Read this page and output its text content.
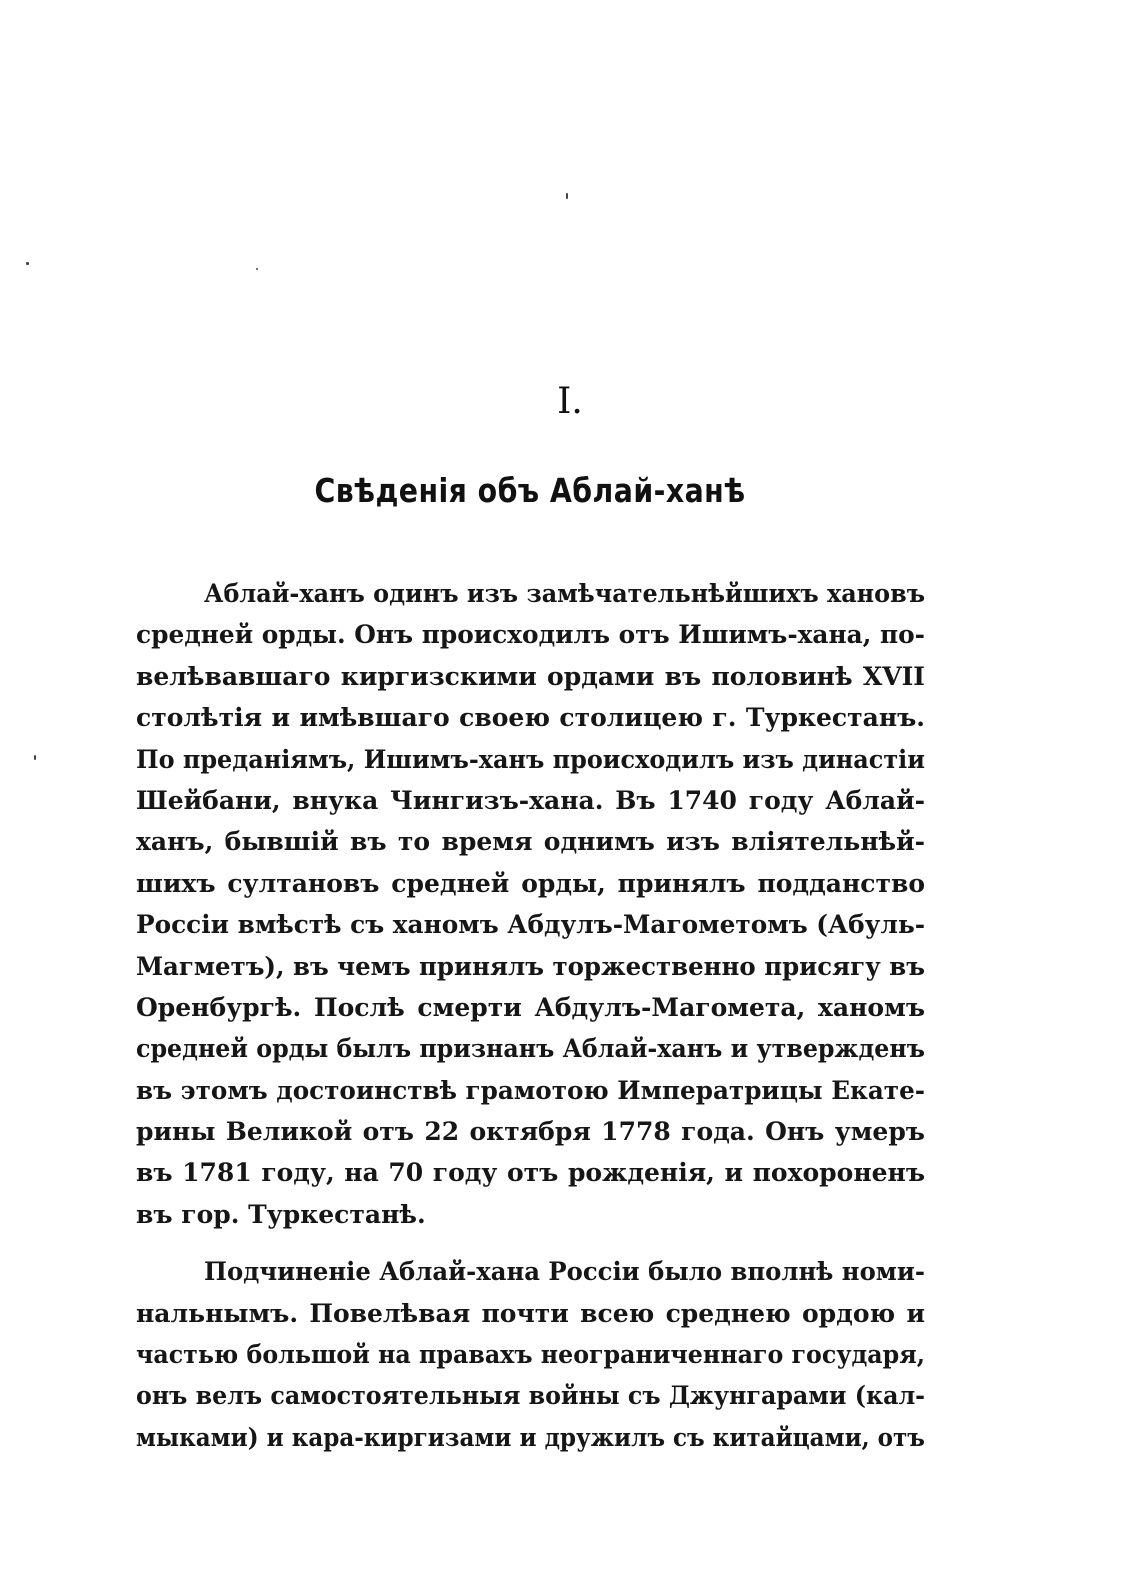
I.
Свѣденія объ Аблай-ханѣ

Аблай-ханъ одинъ изъ замѣчательнѣйшихъ хановъ
средней орды. Онъ происходилъ отъ Ишимъ-хана, по-
велѣвавшаго киргизскими ордами въ половинѣ XVII
столѣтія и имѣвшаго своею столицею г. Туркестанъ.
По преданіямъ, Ишимъ-ханъ происходилъ изъ династіи
Шейбани, внука Чингизъ-хана. Въ 1740 году Аблай-
ханъ, бывшій въ то время однимъ изъ вліятельнѣй-
шихъ султановъ средней орды, принялъ подданство
Россіи вмѣстѣ съ ханомъ Абдулъ-Магометомъ (Абуль-
Магметъ), въ чемъ принялъ торжественно присягу въ
Оренбургѣ. Послѣ смерти Абдулъ-Магомета, ханомъ
средней орды былъ признанъ Аблай-ханъ и утвержденъ
въ этомъ достоинствѣ грамотою Императрицы Екате-
рины Великой отъ 22 октября 1778 года. Онъ умеръ
въ 1781 году, на 70 году отъ рожденія, и похороненъ
въ гор. Туркестанѣ.

Подчиненіе Аблай-хана Россіи было вполнѣ номи-
нальнымъ. Повелѣвая почти всею среднею ордою и
частью большой на правахъ неограниченнаго государя,
онъ велъ самостоятельныя войны съ Джунгарами (кал-
мыками) и кара-киргизами и дружилъ съ китайцами, отъ
